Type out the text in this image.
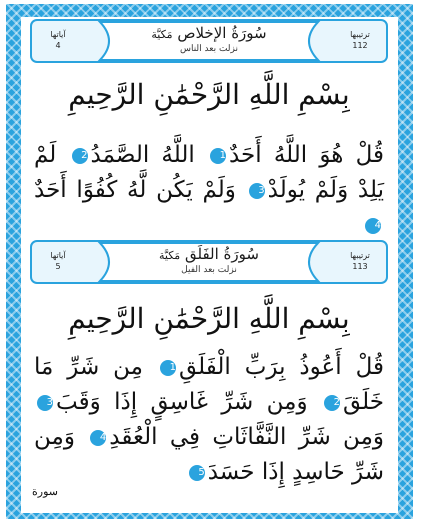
ترتيبها
112
سُورَةُ الإخلاص مَكيَّة
نزلت بعد الناس
آياتها
4
بِسْمِ اللَّهِ الرَّحْمَٰنِ الرَّحِيمِ
قُلْ هُوَ اللَّهُ أَحَدٌ1 اللَّهُ الصَّمَدُ2 لَمْ يَلِدْ وَلَمْ يُولَدْ3 وَلَمْ يَكُن لَّهُ كُفُوًا أَحَدٌ4
ترتيبها
113
سُورَةُ الفَلَق مَكيَّة
نزلت بعد الفيل
آياتها
5
بِسْمِ اللَّهِ الرَّحْمَٰنِ الرَّحِيمِ
قُلْ أَعُوذُ بِرَبِّ الْفَلَقِ1 مِن شَرِّ مَا خَلَقَ2 وَمِن شَرِّ غَاسِقٍ إِذَا وَقَبَ3 وَمِن شَرِّ النَّفَّاثَاتِ فِي الْعُقَدِ4 وَمِن شَرِّ حَاسِدٍ إِذَا حَسَدَ5
سورة
